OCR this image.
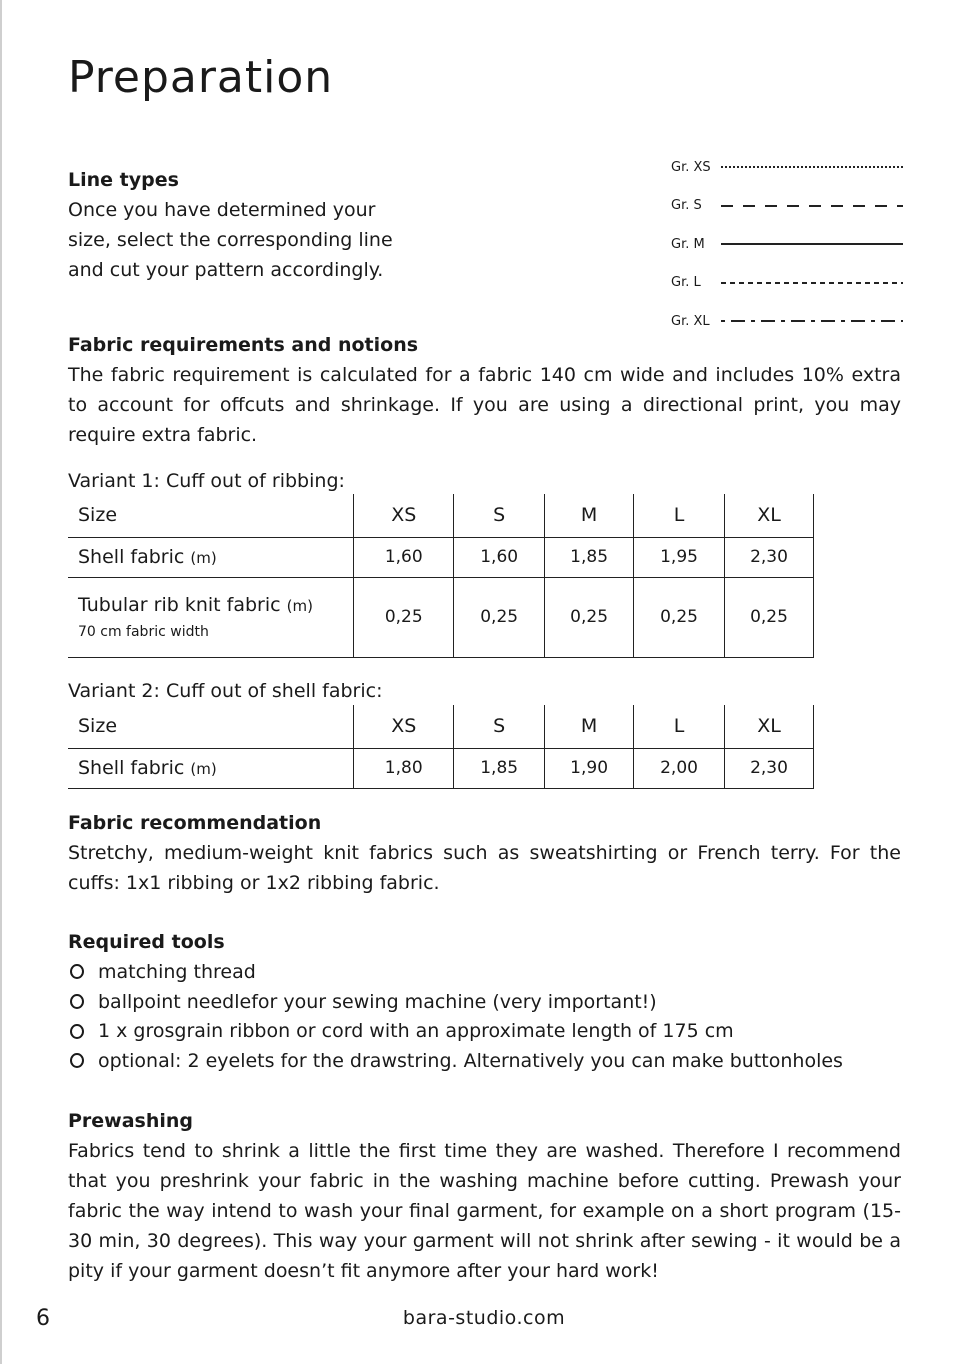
Preparation
Line types
Once you have determined your size, select the corresponding line and cut your pattern accordingly.
Gr. XS
Gr. S
Gr. M
Gr. L
Gr. XL
Fabric requirements and notions
The fabric requirement is calculated for a fabric 140 cm wide and includes 10% extra to account for offcuts and shrinkage. If you are using a directional print, you may require extra fabric.
Variant 1: Cuff out of ribbing:
Size	XS	S	M	L	XL
Shell fabric (m)	1,60	1,60	1,85	1,95	2,30
Tubular rib knit fabric (m)
70 cm fabric width	0,25	0,25	0,25	0,25	0,25
Variant 2: Cuff out of shell fabric:
Size	XS	S	M	L	XL
Shell fabric (m)	1,80	1,85	1,90	2,00	2,30
Fabric recommendation
Stretchy, medium-weight knit fabrics such as sweatshirting or French terry. For the cuffs: 1x1 ribbing or 1x2 ribbing fabric.
Required tools
matching thread
ballpoint needlefor your sewing machine (very important!)
1 x grosgrain ribbon or cord with an approximate length of 175 cm
optional: 2 eyelets for the drawstring. Alternatively you can make buttonholes
Prewashing
Fabrics tend to shrink a little the first time they are washed. Therefore I recommend that you preshrink your fabric in the washing machine before cutting. Prewash your fabric the way intend to wash your final garment, for example on a short program (15-30 min, 30 degrees). This way your garment will not shrink after sewing - it would be a pity if your garment doesn’t fit anymore after your hard work!
6	bara-studio.com
